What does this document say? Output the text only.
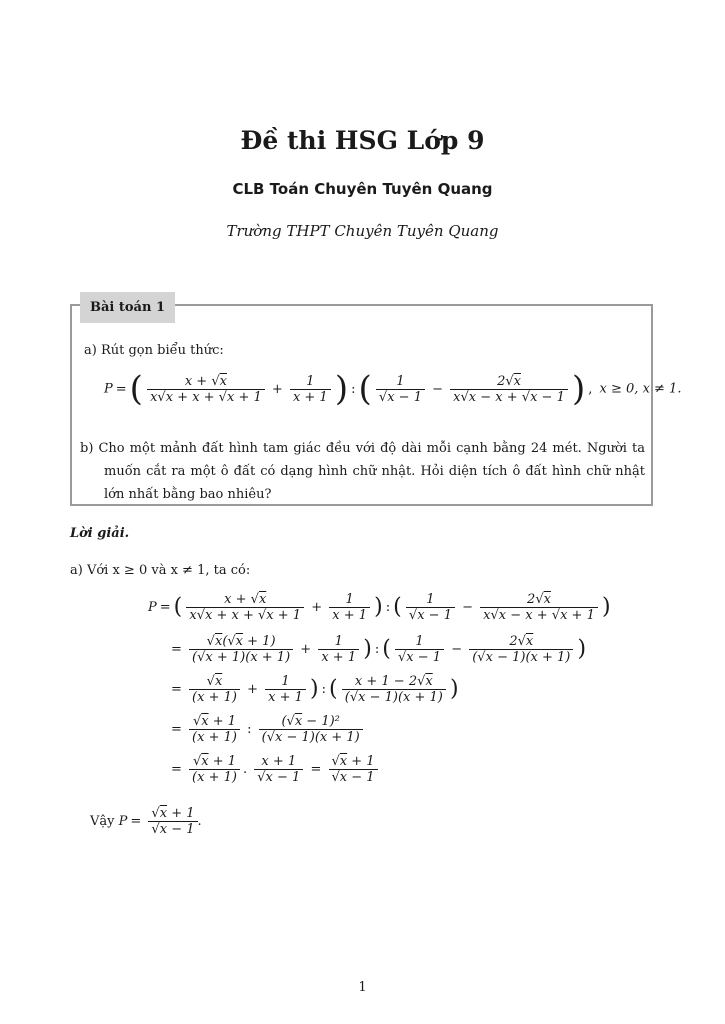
Đề thi HSG Lớp 9
CLB Toán Chuyên Tuyên Quang
Trường THPT Chuyên Tuyên Quang
Bài toán 1
a) Rút gọn biểu thức:
P =( $\frac{x + √x}{x√x + x + √x + 1} + \frac{1}{x + 1}$ ) :( $\frac{1}{√x - 1} - \frac{2√x}{x√x - x + √x - 1}$ ) , x ≥ 0, x ≠ 1.
b) Cho một mảnh đất hình tam giác đều với độ dài mỗi cạnh bằng 24 mét. Người ta muốn cắt ra một ô đất có dạng hình chữ nhật. Hỏi diện tích ô đất hình chữ nhật lớn nhất bằng bao nhiêu?
Lời giải.
a) Với x ≥ 0 và x ≠ 1, ta có:
P = ( $\frac{x + √x}{x√x + x + √x + 1} + \frac{1}{x + 1}$ ) : ( $\frac{1}{√x - 1} - \frac{2√x}{x√x - x + √x + 1}$ )
= $\frac{√x(√x + 1)}{(√x + 1)(x + 1)} + \frac{1}{x + 1}$ ) : ( $\frac{1}{√x - 1} - \frac{2√x}{(√x - 1)(x + 1)}$ )
= $\frac{√x}{(x + 1)} + \frac{1}{x + 1}$ ) : ( $\frac{x + 1 - 2√x}{(√x - 1)(x + 1)}$ )
= $\frac{√x + 1}{(x + 1)}$ : $\frac{\text{(√x − 1)²}}{(√x - 1)(x + 1)}$
= $\frac{√x + 1}{(x + 1)}$ . $\frac{x + 1}{√x - 1} = \frac{√x + 1}{√x - 1}$
Vậy $P = \frac{√x + 1}{√x - 1}$ .
1
